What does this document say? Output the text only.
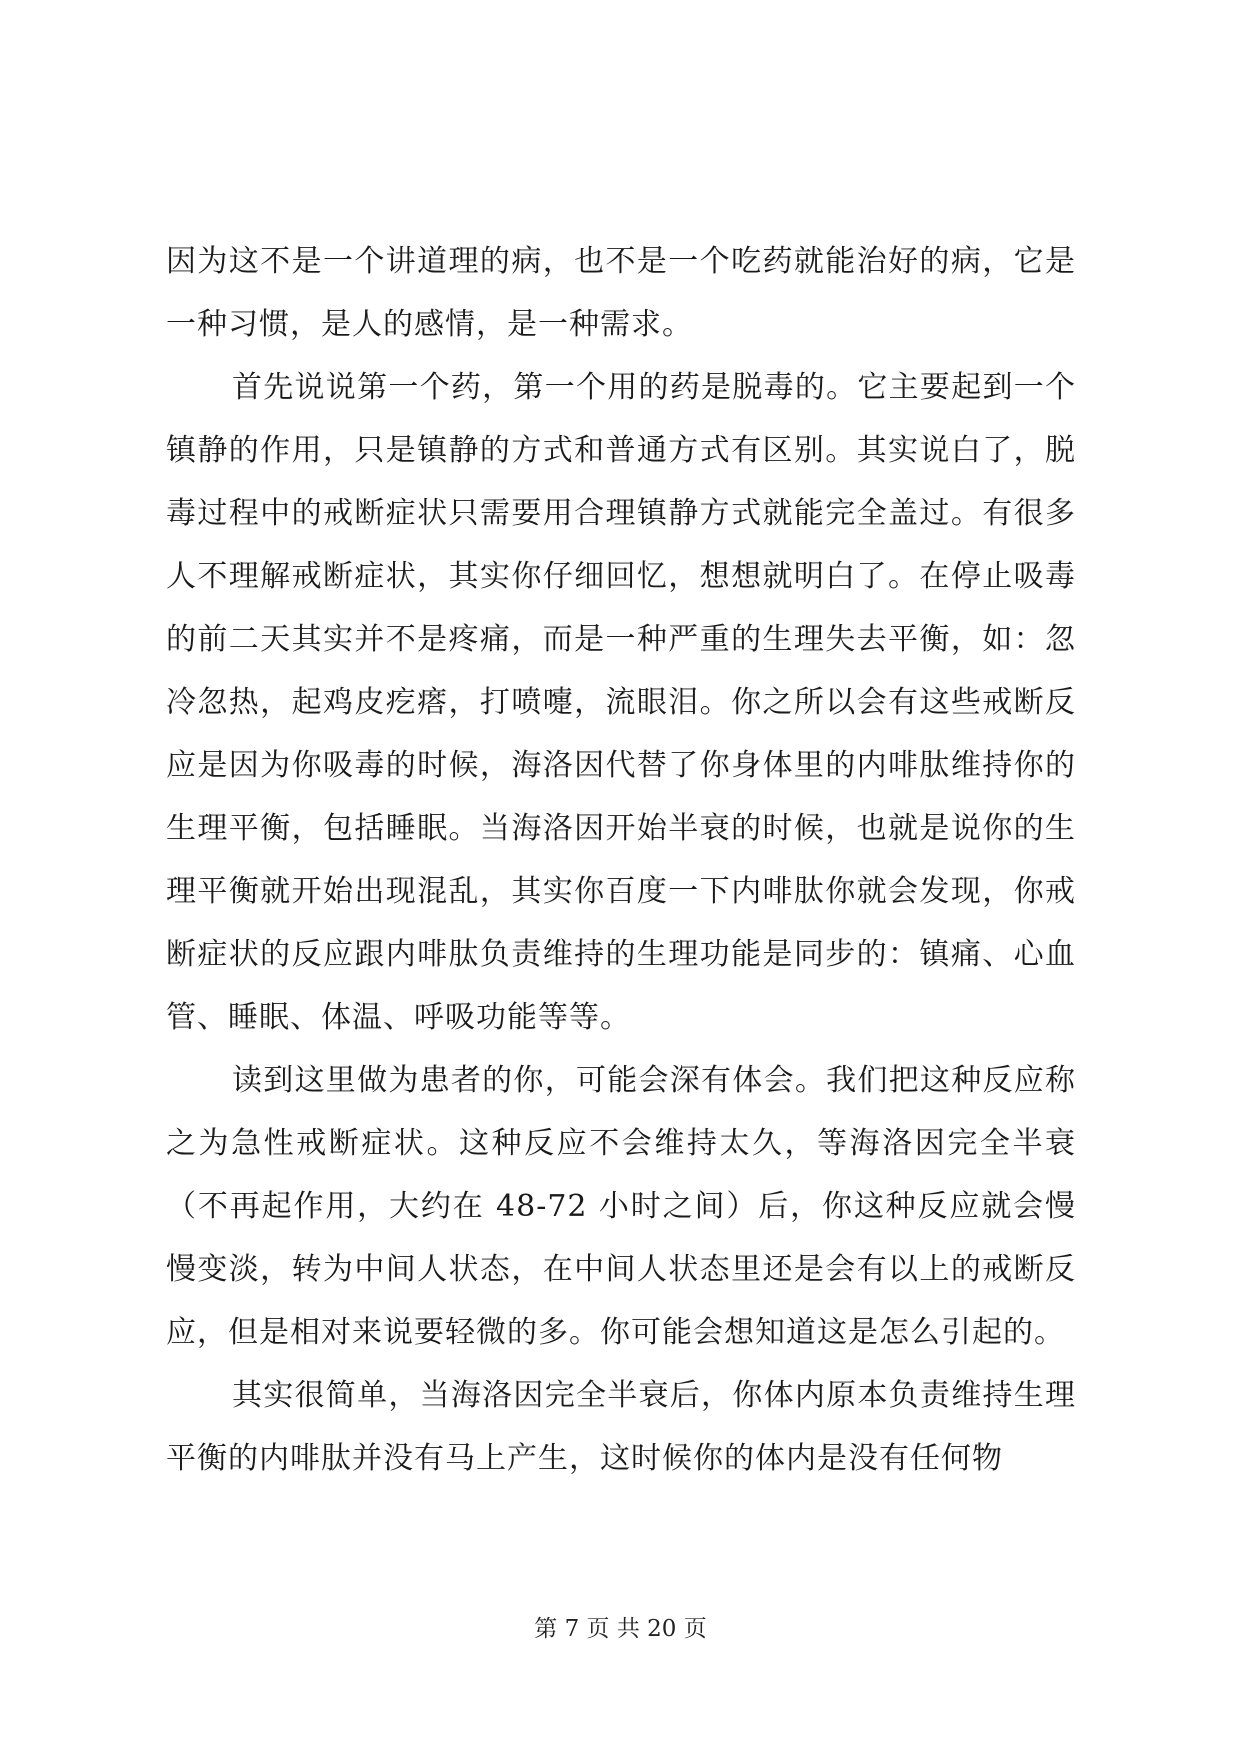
因为这不是一个讲道理的病，也不是一个吃药就能治好的病，它是一种习惯，是人的感情，是一种需求。

首先说说第一个药，第一个用的药是脱毒的。它主要起到一个镇静的作用，只是镇静的方式和普通方式有区别。其实说白了，脱毒过程中的戒断症状只需要用合理镇静方式就能完全盖过。有很多人不理解戒断症状，其实你仔细回忆，想想就明白了。在停止吸毒的前二天其实并不是疼痛，而是一种严重的生理失去平衡，如：忽冷忽热，起鸡皮疙瘩，打喷嚏，流眼泪。你之所以会有这些戒断反应是因为你吸毒的时候，海洛因代替了你身体里的内啡肽维持你的生理平衡，包括睡眠。当海洛因开始半衰的时候，也就是说你的生理平衡就开始出现混乱，其实你百度一下内啡肽你就会发现，你戒断症状的反应跟内啡肽负责维持的生理功能是同步的：镇痛、心血管、睡眠、体温、呼吸功能等等。

读到这里做为患者的你，可能会深有体会。我们把这种反应称之为急性戒断症状。这种反应不会维持太久，等海洛因完全半衰（不再起作用，大约在 48-72 小时之间）后，你这种反应就会慢慢变淡，转为中间人状态，在中间人状态里还是会有以上的戒断反应，但是相对来说要轻微的多。你可能会想知道这是怎么引起的。

其实很简单，当海洛因完全半衰后，你体内原本负责维持生理平衡的内啡肽并没有马上产生，这时候你的体内是没有任何物

第 7 页 共 20 页
